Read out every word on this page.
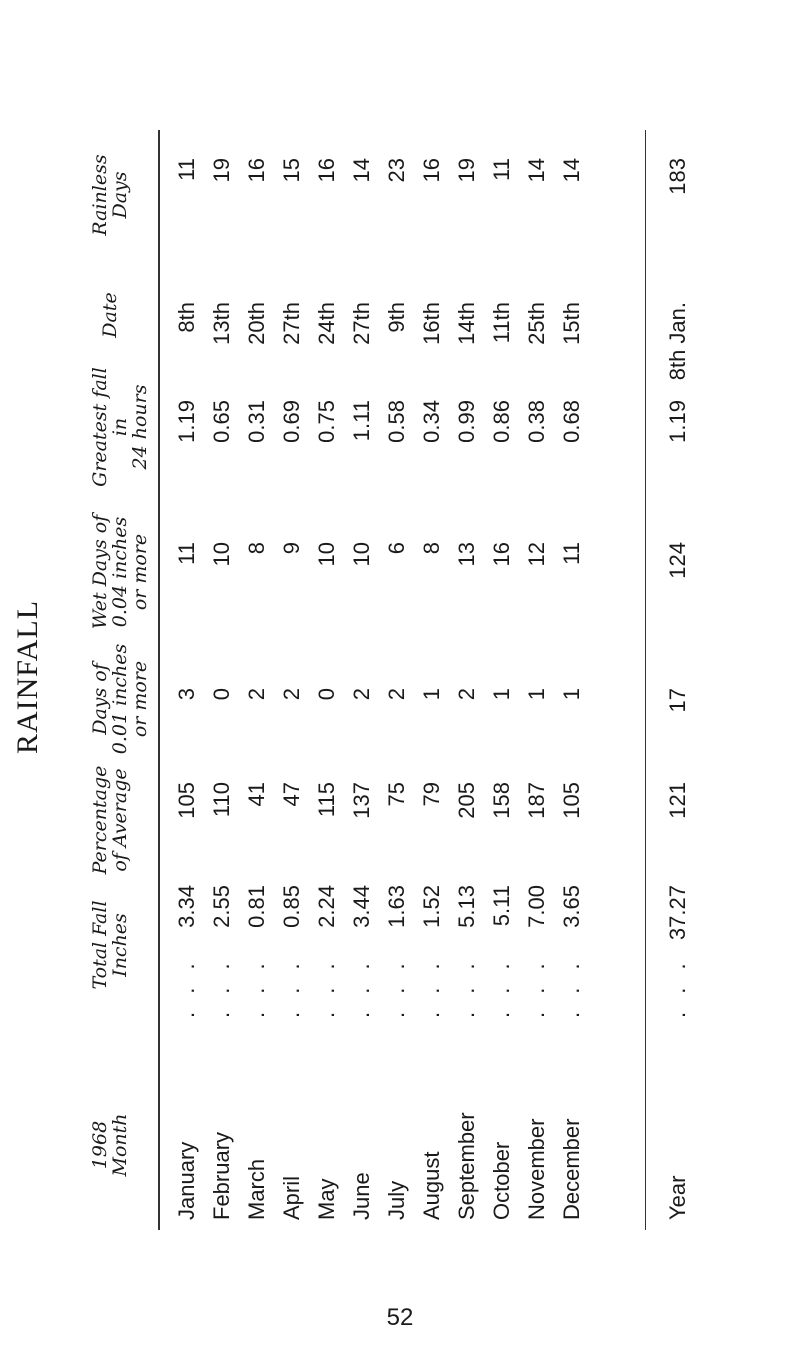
RAINFALL
1968
Month
Total Fall
Inches
Percentage
of Average
Days of
0.01 inches
or more
Wet Days of
0.04 inches
or more
Greatest fall
in
24 hours
Date
Rainless
Days
January
. . .
3.34
105
3
11
1.19
8th
11
February
. . .
2.55
110
0
10
0.65
13th
19
March
. . .
0.81
41
2
8
0.31
20th
16
April
. . .
0.85
47
2
9
0.69
27th
15
May
. . .
2.24
115
0
10
0.75
24th
16
June
. . .
3.44
137
2
10
1.11
27th
14
July
. . .
1.63
75
2
6
0.58
9th
23
August
. . .
1.52
79
1
8
0.34
16th
16
September
. . .
5.13
205
2
13
0.99
14th
19
October
. . .
5.11
158
1
16
0.86
11th
11
November
. . .
7.00
187
1
12
0.38
25th
14
December
. . .
3.65
105
1
11
0.68
15th
14
Year
. . .
37.27
121
17
124
1.19
8th Jan.
183
52
